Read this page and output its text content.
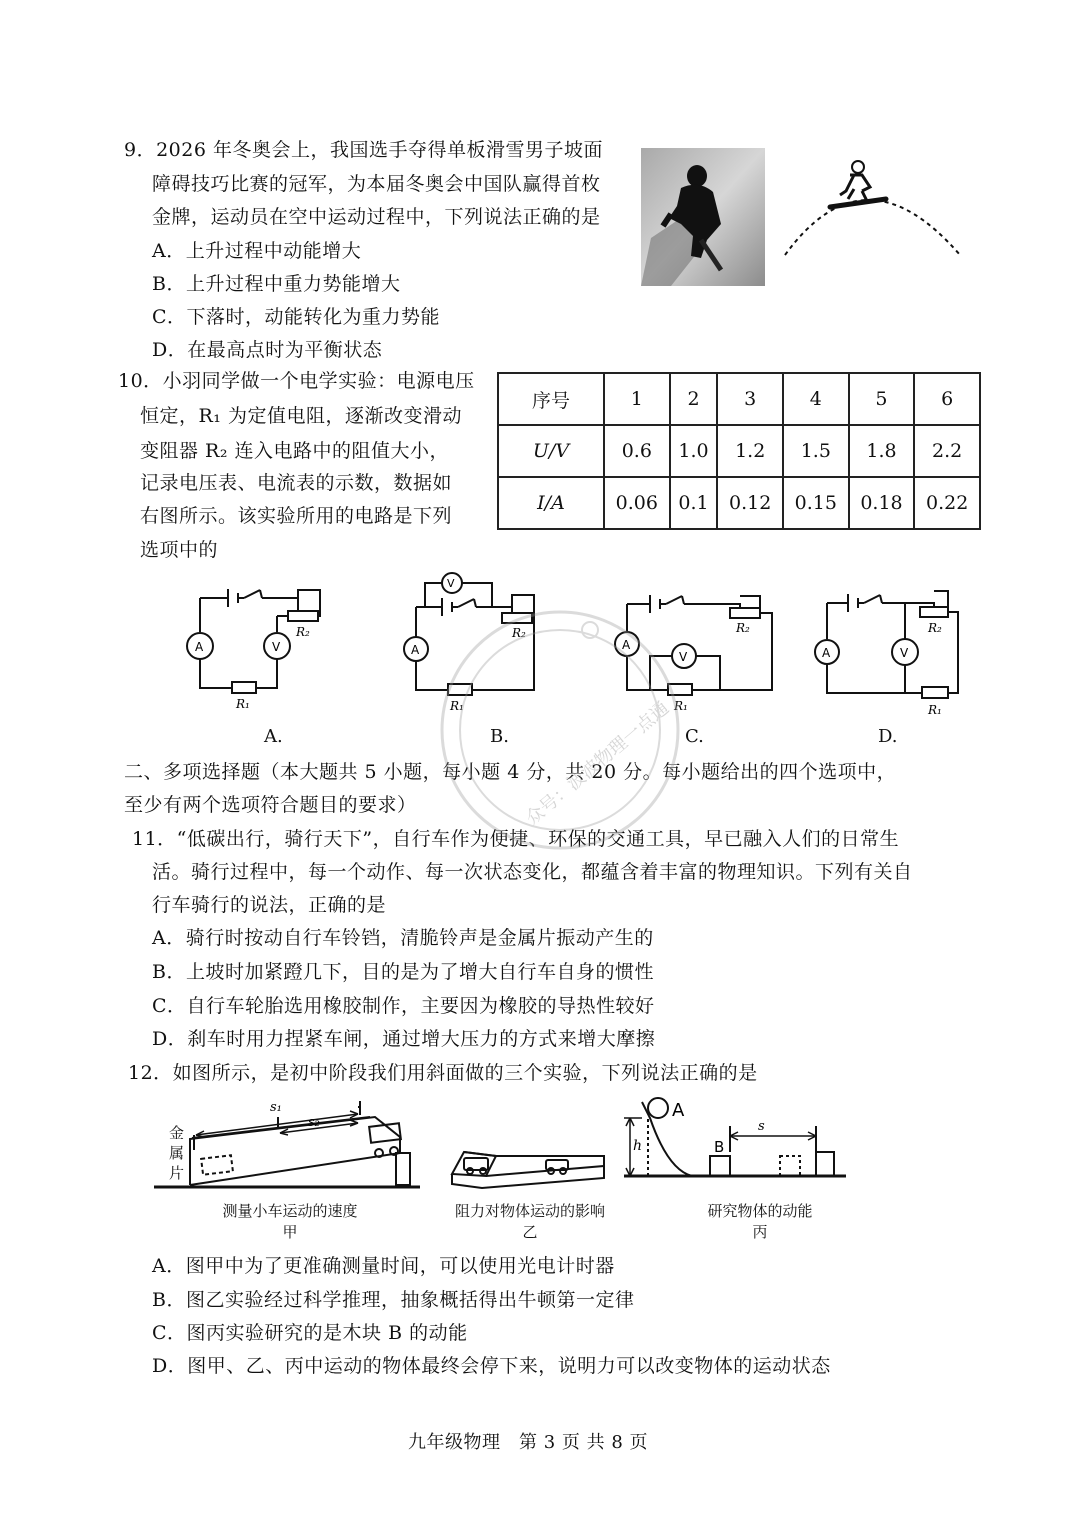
9．2026 年冬奥会上，我国选手夺得单板滑雪男子坡面
障碍技巧比赛的冠军，为本届冬奥会中国队赢得首枚
金牌，运动员在空中运动过程中，下列说法正确的是
A．上升过程中动能增大
B．上升过程中重力势能增大
C．下落时，动能转化为重力势能
D．在最高点时为平衡状态
10．小羽同学做一个电学实验：电源电压
恒定，R₁ 为定值电阻，逐渐改变滑动
变阻器 R₂ 连入电路中的阻值大小，
记录电压表、电流表的示数，数据如
右图所示。该实验所用的电路是下列
选项中的
序号	1	2	3	4	5	6
U/V	0.6	1.0	1.2	1.5	1.8	2.2
I/A	0.06	0.1	0.12	0.15	0.18	0.22
A	V
R₂
R₁
A.
V
A
R₂
R₁
B.
A
V
R₂
R₁
C.
A	V
R₂
R₁
D.
二、多项选择题（本大题共 5 小题，每小题 4 分，共 20 分。每小题给出的四个选项中，
至少有两个选项符合题目的要求）
11．“低碳出行，骑行天下”，自行车作为便捷、环保的交通工具，早已融入人们的日常生
活。骑行过程中，每一个动作、每一次状态变化，都蕴含着丰富的物理知识。下列有关自
行车骑行的说法，正确的是
A．骑行时按动自行车铃铛，清脆铃声是金属片振动产生的
B．上坡时加紧蹬几下，目的是为了增大自行车自身的惯性
C．自行车轮胎选用橡胶制作，主要因为橡胶的导热性较好
D．刹车时用力捏紧车闸，通过增大压力的方式来增大摩擦
12．如图所示，是初中阶段我们用斜面做的三个实验，下列说法正确的是
金
属
片
s₁
s₂
测量小车运动的速度
甲
阻力对物体运动的影响
乙
A
B
h
s
研究物体的动能
丙
A．图甲中为了更准确测量时间，可以使用光电计时器
B．图乙实验经过科学推理，抽象概括得出牛顿第一定律
C．图丙实验研究的是木块 B 的动能
D．图甲、乙、丙中运动的物体最终会停下来，说明力可以改变物体的运动状态
众号：波波物理一点通
九年级物理　第 3 页 共 8 页
